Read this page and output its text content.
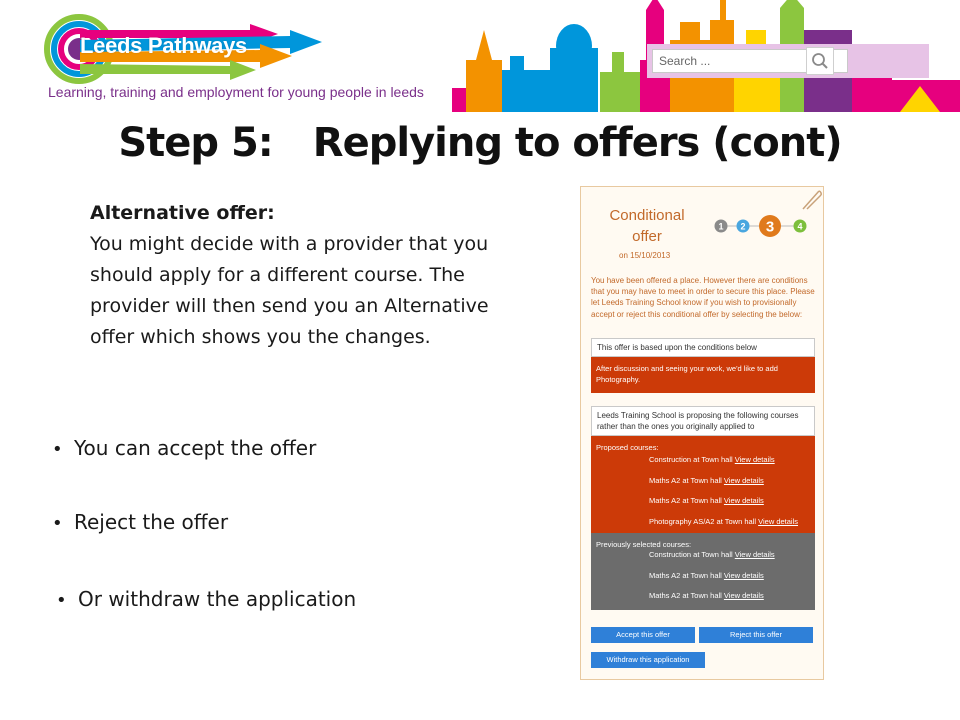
Leeds Pathways
Learning, training and employment for young people in leeds
Search ...
Step 5: Replying to offers (cont)
Alternative offer:
You might decide with a provider that you should apply for a different course. The provider will then send you an Alternative offer which shows you the changes.
• You can accept the offer
• Reject the offer
• Or withdraw the application
Conditional offer
on 15/10/2013
1 2 3	4
You have been offered a place. However there are conditions that you may have to meet in order to secure this place. Please let Leeds Training School know if you wish to provisionally accept or reject this conditional offer by selecting the below:
This offer is based upon the conditions below
After discussion and seeing your work, we'd like to add Photography.
Leeds Training School is proposing the following courses rather than the ones you originally applied to
Proposed courses:
Construction at Town hall View details
Maths A2 at Town hall View details
Maths A2 at Town hall View details
Photography AS/A2 at Town hall View details
Previously selected courses:
Construction at Town hall View details
Maths A2 at Town hall View details
Maths A2 at Town hall View details
Accept this offer	Reject this offer
Withdraw this application
